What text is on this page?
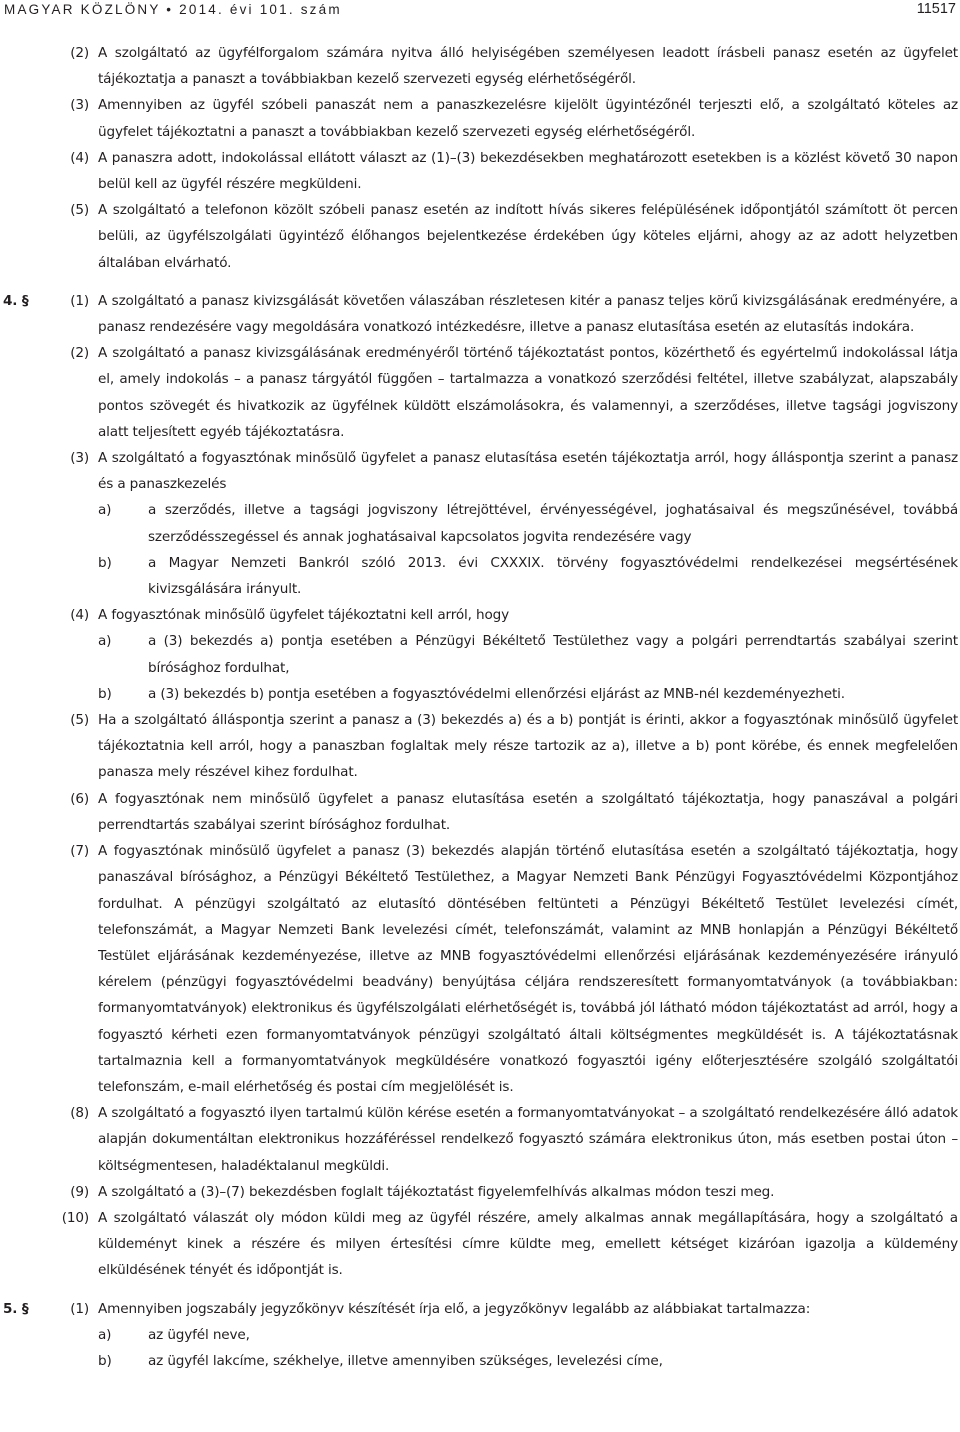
MAGYAR KÖZLÖNY • 2014. évi 101. szám	11517

(2) A szolgáltató az ügyfélforgalom számára nyitva álló helyiségében személyesen leadott írásbeli panasz esetén az ügyfelet tájékoztatja a panaszt a továbbiakban kezelő szervezeti egység elérhetőségéről.

(3) Amennyiben az ügyfél szóbeli panaszát nem a panaszkezelésre kijelölt ügyintézőnél terjeszti elő, a szolgáltató köteles az ügyfelet tájékoztatni a panaszt a továbbiakban kezelő szervezeti egység elérhetőségéről.

(4) A panaszra adott, indokolással ellátott választ az (1)–(3) bekezdésekben meghatározott esetekben is a közlést követő 30 napon belül kell az ügyfél részére megküldeni.

(5) A szolgáltató a telefonon közölt szóbeli panasz esetén az indított hívás sikeres felépülésének időpontjától számított öt percen belüli, az ügyfélszolgálati ügyintéző élőhangos bejelentkezése érdekében úgy köteles eljárni, ahogy az az adott helyzetben általában elvárható.

4. §	(1) A szolgáltató a panasz kivizsgálását követően válaszában részletesen kitér a panasz teljes körű kivizsgálásának eredményére, a panasz rendezésére vagy megoldására vonatkozó intézkedésre, illetve a panasz elutasítása esetén az elutasítás indokára.

(2) A szolgáltató a panasz kivizsgálásának eredményéről történő tájékoztatást pontos, közérthető és egyértelmű indokolással látja el, amely indokolás – a panasz tárgyától függően – tartalmazza a vonatkozó szerződési feltétel, illetve szabályzat, alapszabály pontos szövegét és hivatkozik az ügyfélnek küldött elszámolásokra, és valamennyi, a szerződéses, illetve tagsági jogviszony alatt teljesített egyéb tájékoztatásra.

(3) A szolgáltató a fogyasztónak minősülő ügyfelet a panasz elutasítása esetén tájékoztatja arról, hogy álláspontja szerint a panasz és a panaszkezelés

a)	a szerződés, illetve a tagsági jogviszony létrejöttével, érvényességével, joghatásaival és megszűnésével, továbbá szerződésszegéssel és annak joghatásaival kapcsolatos jogvita rendezésére vagy

b)	a Magyar Nemzeti Bankról szóló 2013. évi CXXXIX. törvény fogyasztóvédelmi rendelkezései megsértésének kivizsgálására irányult.

(4) A fogyasztónak minősülő ügyfelet tájékoztatni kell arról, hogy

a)	a (3) bekezdés a) pontja esetében a Pénzügyi Békéltető Testülethez vagy a polgári perrendtartás szabályai szerint bírósághoz fordulhat,

b)	a (3) bekezdés b) pontja esetében a fogyasztóvédelmi ellenőrzési eljárást az MNB-nél kezdeményezheti.

(5) Ha a szolgáltató álláspontja szerint a panasz a (3) bekezdés a) és a b) pontját is érinti, akkor a fogyasztónak minősülő ügyfelet tájékoztatnia kell arról, hogy a panaszban foglaltak mely része tartozik az a), illetve a b) pont körébe, és ennek megfelelően panasza mely részével kihez fordulhat.

(6) A fogyasztónak nem minősülő ügyfelet a panasz elutasítása esetén a szolgáltató tájékoztatja, hogy panaszával a polgári perrendtartás szabályai szerint bírósághoz fordulhat.

(7) A fogyasztónak minősülő ügyfelet a panasz (3) bekezdés alapján történő elutasítása esetén a szolgáltató tájékoztatja, hogy panaszával bírósághoz, a Pénzügyi Békéltető Testülethez, a Magyar Nemzeti Bank Pénzügyi Fogyasztóvédelmi Központjához fordulhat. A pénzügyi szolgáltató az elutasító döntésében feltünteti a Pénzügyi Békéltető Testület levelezési címét, telefonszámát, a Magyar Nemzeti Bank levelezési címét, telefonszámát, valamint az MNB honlapján a Pénzügyi Békéltető Testület eljárásának kezdeményezése, illetve az MNB fogyasztóvédelmi ellenőrzési eljárásának kezdeményezésére irányuló kérelem (pénzügyi fogyasztóvédelmi beadvány) benyújtása céljára rendszeresített formanyomtatványok (a továbbiakban: formanyomtatványok) elektronikus és ügyfélszolgálati elérhetőségét is, továbbá jól látható módon tájékoztatást ad arról, hogy a fogyasztó kérheti ezen formanyomtatványok pénzügyi szolgáltató általi költségmentes megküldését is. A tájékoztatásnak tartalmaznia kell a formanyomtatványok megküldésére vonatkozó fogyasztói igény előterjesztésére szolgáló szolgáltatói telefonszám, e-mail elérhetőség és postai cím megjelölését is.

(8) A szolgáltató a fogyasztó ilyen tartalmú külön kérése esetén a formanyomtatványokat – a szolgáltató rendelkezésére álló adatok alapján dokumentáltan elektronikus hozzáféréssel rendelkező fogyasztó számára elektronikus úton, más esetben postai úton – költségmentesen, haladéktalanul megküldi.

(9) A szolgáltató a (3)–(7) bekezdésben foglalt tájékoztatást figyelemfelhívás alkalmas módon teszi meg.

(10) A szolgáltató válaszát oly módon küldi meg az ügyfél részére, amely alkalmas annak megállapítására, hogy a szolgáltató a küldeményt kinek a részére és milyen értesítési címre küldte meg, emellett kétséget kizáróan igazolja a küldemény elküldésének tényét és időpontját is.

5. §	(1) Amennyiben jogszabály jegyzőkönyv készítését írja elő, a jegyzőkönyv legalább az alábbiakat tartalmazza:

a)	az ügyfél neve,

b)	az ügyfél lakcíme, székhelye, illetve amennyiben szükséges, levelezési címe,
